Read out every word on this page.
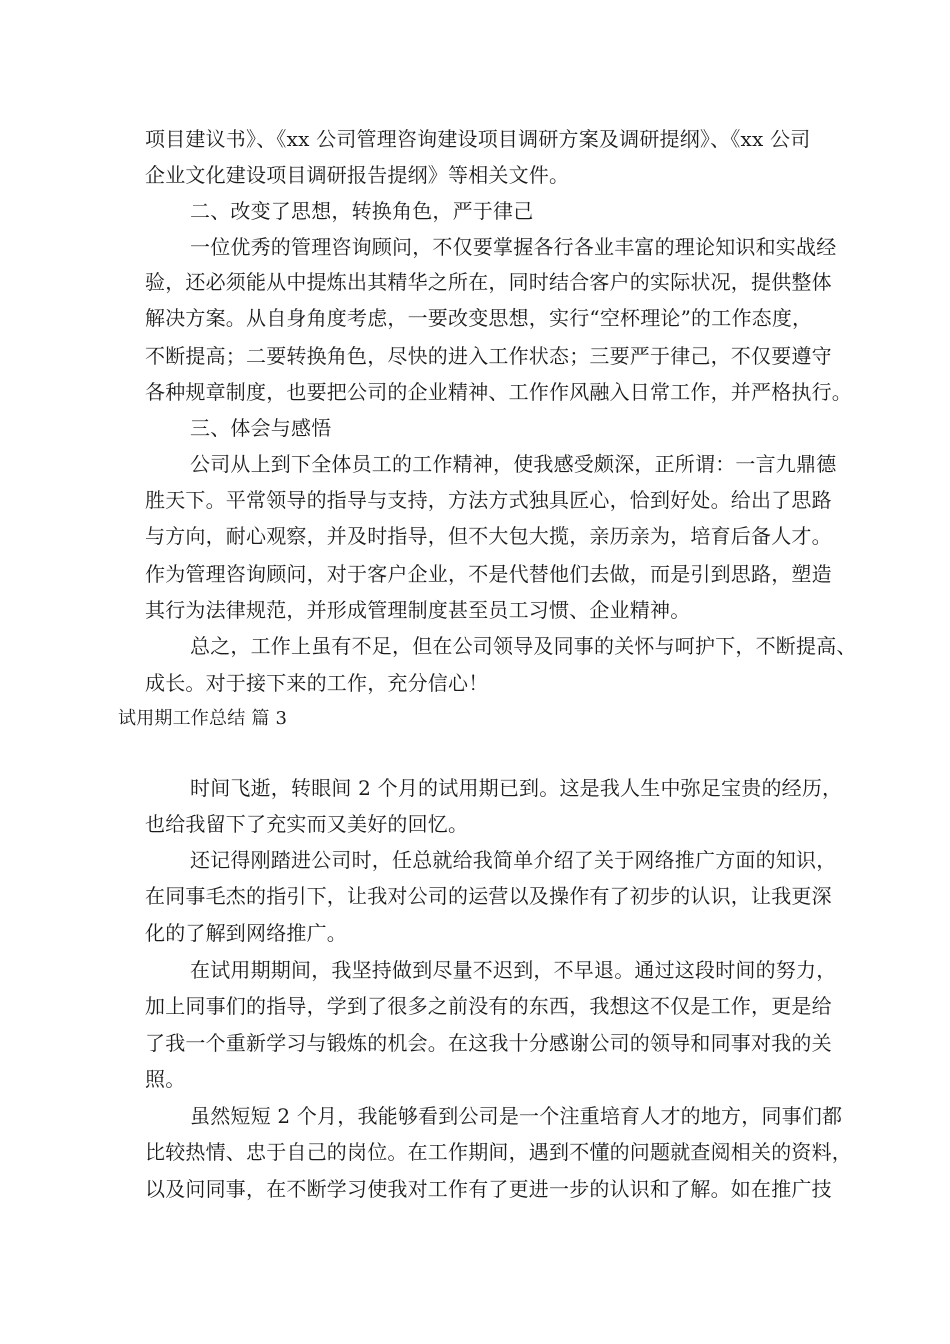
项目建议书》、《xx 公司管理咨询建设项目调研方案及调研提纲》、《xx 公司
企业文化建设项目调研报告提纲》等相关文件。
二、改变了思想，转换角色，严于律己
一位优秀的管理咨询顾问，不仅要掌握各行各业丰富的理论知识和实战经
验，还必须能从中提炼出其精华之所在，同时结合客户的实际状况，提供整体
解决方案。从自身角度考虑，一要改变思想，实行“空杯理论”的工作态度，
不断提高；二要转换角色，尽快的进入工作状态；三要严于律己，不仅要遵守
各种规章制度，也要把公司的企业精神、工作作风融入日常工作，并严格执行。
三、体会与感悟
公司从上到下全体员工的工作精神，使我感受颇深，正所谓：一言九鼎德
胜天下。平常领导的指导与支持，方法方式独具匠心，恰到好处。给出了思路
与方向，耐心观察，并及时指导，但不大包大揽，亲历亲为，培育后备人才。
作为管理咨询顾问，对于客户企业，不是代替他们去做，而是引到思路，塑造
其行为法律规范，并形成管理制度甚至员工习惯、企业精神。
总之，工作上虽有不足，但在公司领导及同事的关怀与呵护下，不断提高、
成长。对于接下来的工作，充分信心！
试用期工作总结 篇 3
时间飞逝，转眼间 2 个月的试用期已到。这是我人生中弥足宝贵的经历，
也给我留下了充实而又美好的回忆。
还记得刚踏进公司时，任总就给我简单介绍了关于网络推广方面的知识，
在同事毛杰的指引下，让我对公司的运营以及操作有了初步的认识，让我更深
化的了解到网络推广。
在试用期期间，我坚持做到尽量不迟到，不早退。通过这段时间的努力，
加上同事们的指导，学到了很多之前没有的东西，我想这不仅是工作，更是给
了我一个重新学习与锻炼的机会。在这我十分感谢公司的领导和同事对我的关
照。
虽然短短 2 个月，我能够看到公司是一个注重培育人才的地方，同事们都
比较热情、忠于自己的岗位。在工作期间，遇到不懂的问题就查阅相关的资料，
以及问同事，在不断学习使我对工作有了更进一步的认识和了解。如在推广技
